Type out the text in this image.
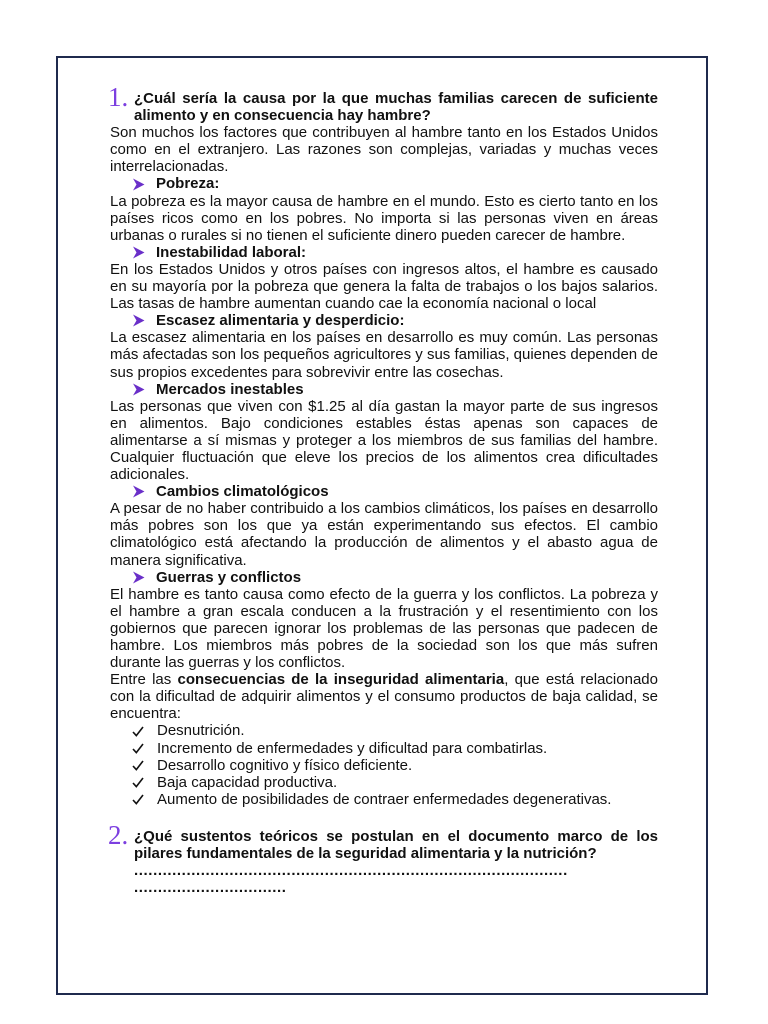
1. ¿Cuál sería la causa por la que muchas familias carecen de suficiente alimento y en consecuencia hay hambre?
Son muchos los factores que contribuyen al hambre tanto en los Estados Unidos como en el extranjero. Las razones son complejas, variadas y muchas veces interrelacionadas.
Pobreza:
La pobreza es la mayor causa de hambre en el mundo. Esto es cierto tanto en los países ricos como en los pobres. No importa si las personas viven en áreas urbanas o rurales si no tienen el suficiente dinero pueden carecer de hambre.
Inestabilidad laboral:
En los Estados Unidos y otros países con ingresos altos, el hambre es causado en su mayoría por la pobreza que genera la falta de trabajos o los bajos salarios. Las tasas de hambre aumentan cuando cae la economía nacional o local
Escasez alimentaria y desperdicio:
La escasez alimentaria en los países en desarrollo es muy común. Las personas más afectadas son los pequeños agricultores y sus familias, quienes dependen de sus propios excedentes para sobrevivir entre las cosechas.
Mercados inestables
Las personas que viven con $1.25 al día gastan la mayor parte de sus ingresos en alimentos. Bajo condiciones estables éstas apenas son capaces de alimentarse a sí mismas y proteger a los miembros de sus familias del hambre. Cualquier fluctuación que eleve los precios de los alimentos crea dificultades adicionales.
Cambios climatológicos
A pesar de no haber contribuido a los cambios climáticos, los países en desarrollo más pobres son los que ya están experimentando sus efectos. El cambio climatológico está afectando la producción de alimentos y el abasto agua de manera significativa.
Guerras y conflictos
El hambre es tanto causa como efecto de la guerra y los conflictos. La pobreza y el hambre a gran escala conducen a la frustración y el resentimiento con los gobiernos que parecen ignorar los problemas de las personas que padecen de hambre. Los miembros más pobres de la sociedad son los que más sufren durante las guerras y los conflictos.
Entre las consecuencias de la inseguridad alimentaria, que está relacionado con la dificultad de adquirir alimentos y el consumo productos de baja calidad, se encuentra:
Desnutrición.
Incremento de enfermedades y dificultad para combatirlas.
Desarrollo cognitivo y físico deficiente.
Baja capacidad productiva.
Aumento de posibilidades de contraer enfermedades degenerativas.
2. ¿Qué sustentos teóricos se postulan en el documento marco de los pilares fundamentales de la seguridad alimentaria y la nutrición?
...........................................................................................
................................
